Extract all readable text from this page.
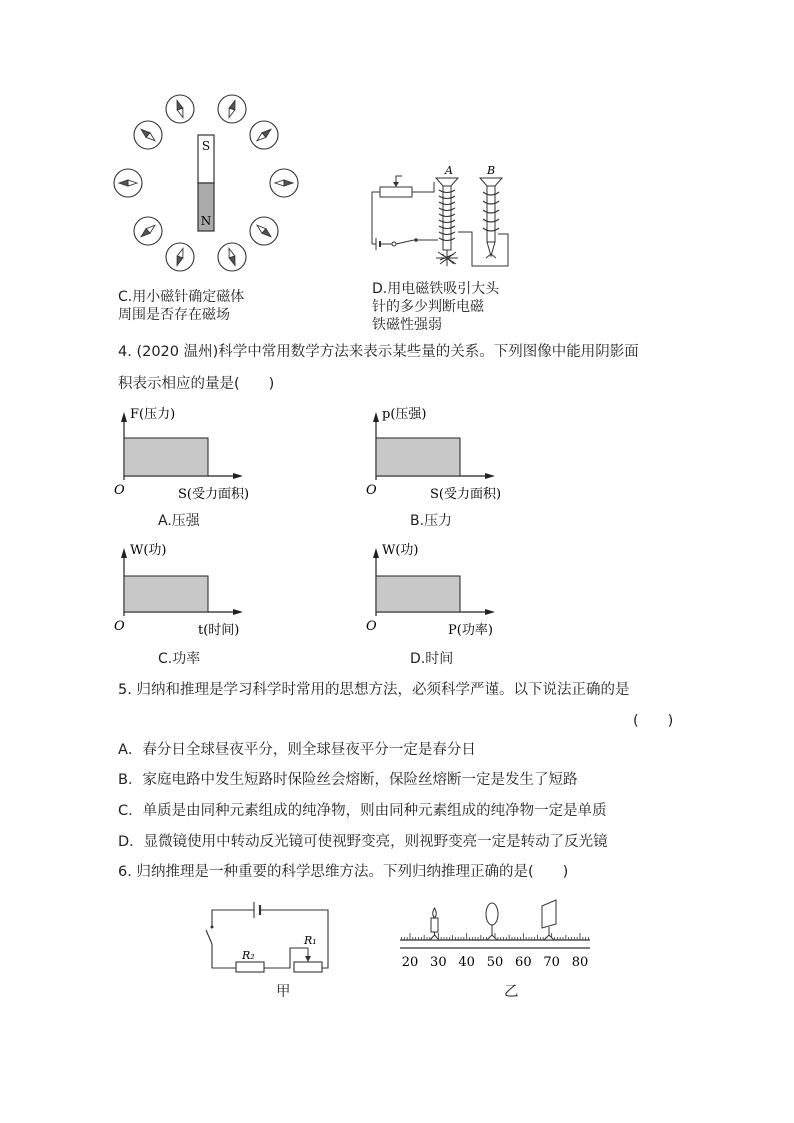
S
N
C.用小磁针确定磁体
周围是否存在磁场
A	B
D.用电磁铁吸引大头
针的多少判断电磁
铁磁性强弱
4. (2020 温州)科学中常用数学方法来表示某些量的关系。下列图像中能用阴影面
积表示相应的量是(　　)
F(压力)
O	S(受力面积)
A.压强
p(压强)
O	S(受力面积)
B.压力
W(功)
O	t(时间)
C.功率
W(功)
O	P(功率)
D.时间
5. 归纳和推理是学习科学时常用的思想方法，必须科学严谨。以下说法正确的是
(　　)
A．春分日全球昼夜平分，则全球昼夜平分一定是春分日
B．家庭电路中发生短路时保险丝会熔断，保险丝熔断一定是发生了短路
C．单质是由同种元素组成的纯净物，则由同种元素组成的纯净物一定是单质
D．显微镜使用中转动反光镜可使视野变亮，则视野变亮一定是转动了反光镜
6. 归纳推理是一种重要的科学思维方法。下列归纳推理正确的是(　　)
R₂
R₁
甲
20 30 40 50 60 70 80
乙
